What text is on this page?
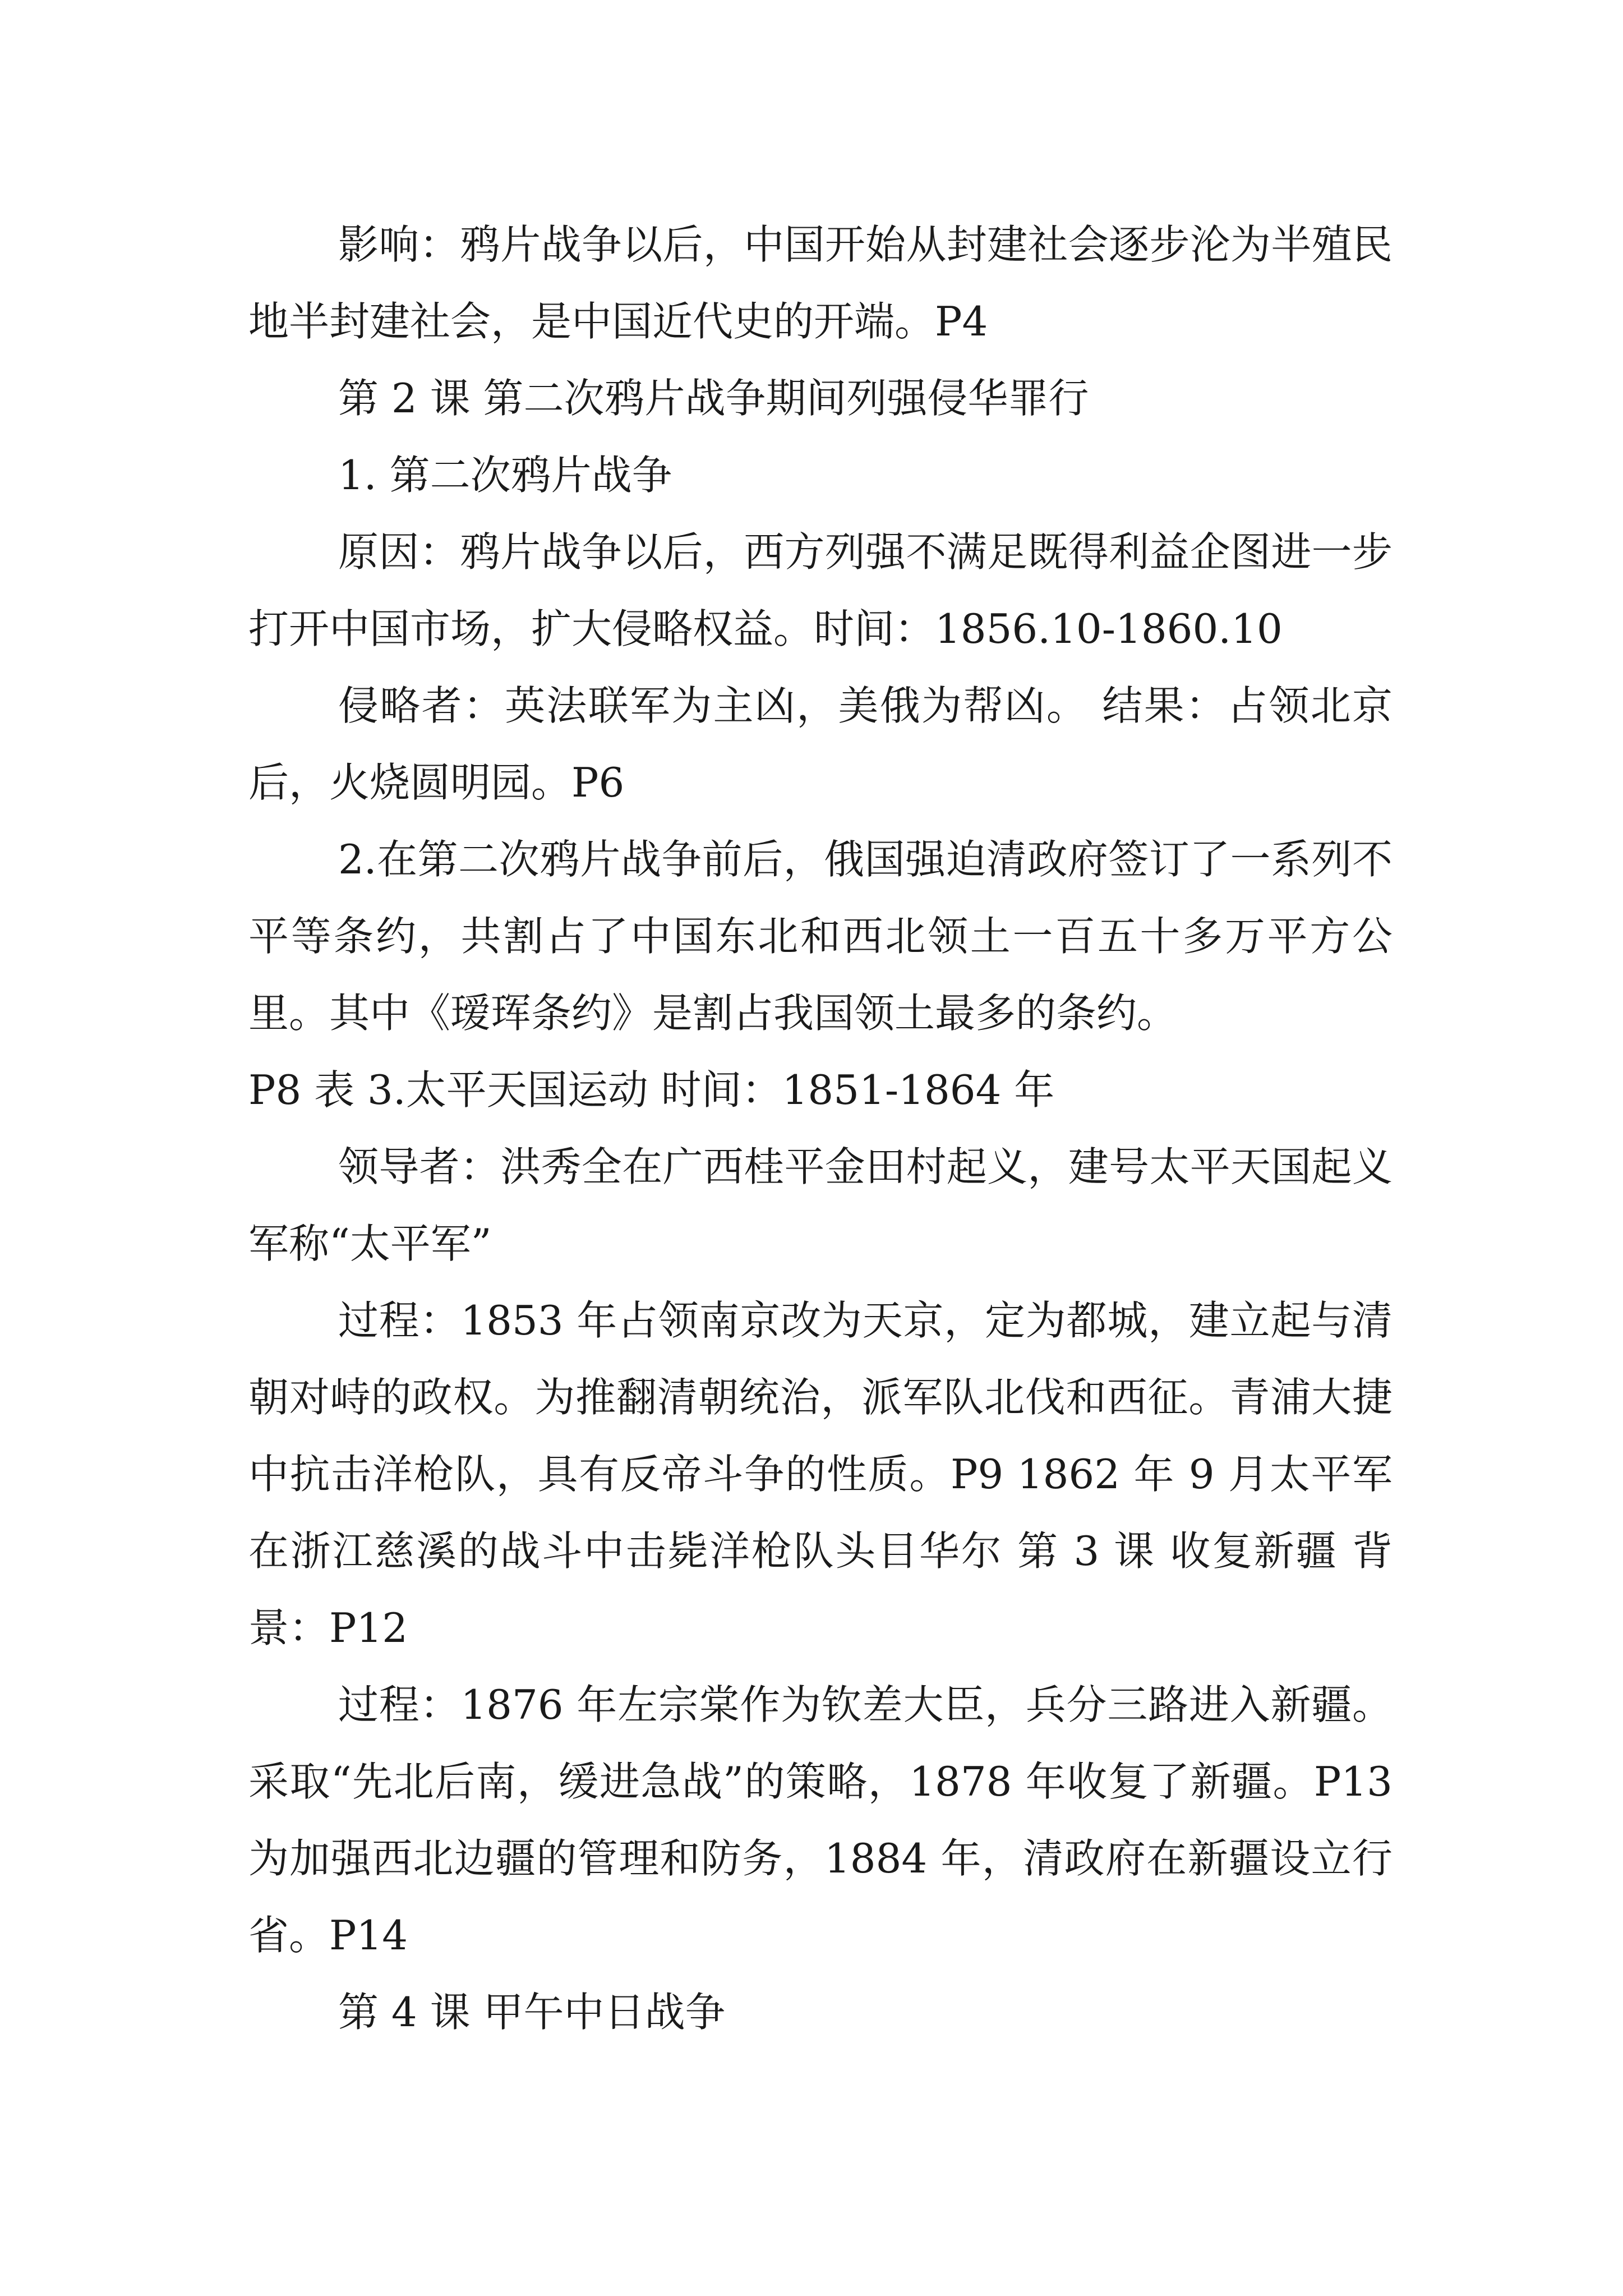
影响：鸦片战争以后，中国开始从封建社会逐步沦为半殖民地半封建社会，是中国近代史的开端。P4

第 2 课 第二次鸦片战争期间列强侵华罪行

1. 第二次鸦片战争

原因：鸦片战争以后，西方列强不满足既得利益企图进一步打开中国市场，扩大侵略权益。时间：1856.10-1860.10

侵略者：英法联军为主凶，美俄为帮凶。 结果：占领北京后，火烧圆明园。P6

2.在第二次鸦片战争前后，俄国强迫清政府签订了一系列不平等条约，共割占了中国东北和西北领土一百五十多万平方公里。其中《瑷珲条约》是割占我国领土最多的条约。

P8 表 3.太平天国运动 时间：1851-1864 年

领导者：洪秀全在广西桂平金田村起义，建号太平天国起义军称“太平军”

过程：1853 年占领南京改为天京，定为都城，建立起与清朝对峙的政权。为推翻清朝统治，派军队北伐和西征。青浦大捷中抗击洋枪队，具有反帝斗争的性质。P9 1862 年 9 月太平军在浙江慈溪的战斗中击毙洋枪队头目华尔 第 3 课 收复新疆 背景：P12

过程：1876 年左宗棠作为钦差大臣，兵分三路进入新疆。采取“先北后南，缓进急战”的策略，1878 年收复了新疆。P13 为加强西北边疆的管理和防务，1884 年，清政府在新疆设立行省。P14

第 4 课 甲午中日战争
